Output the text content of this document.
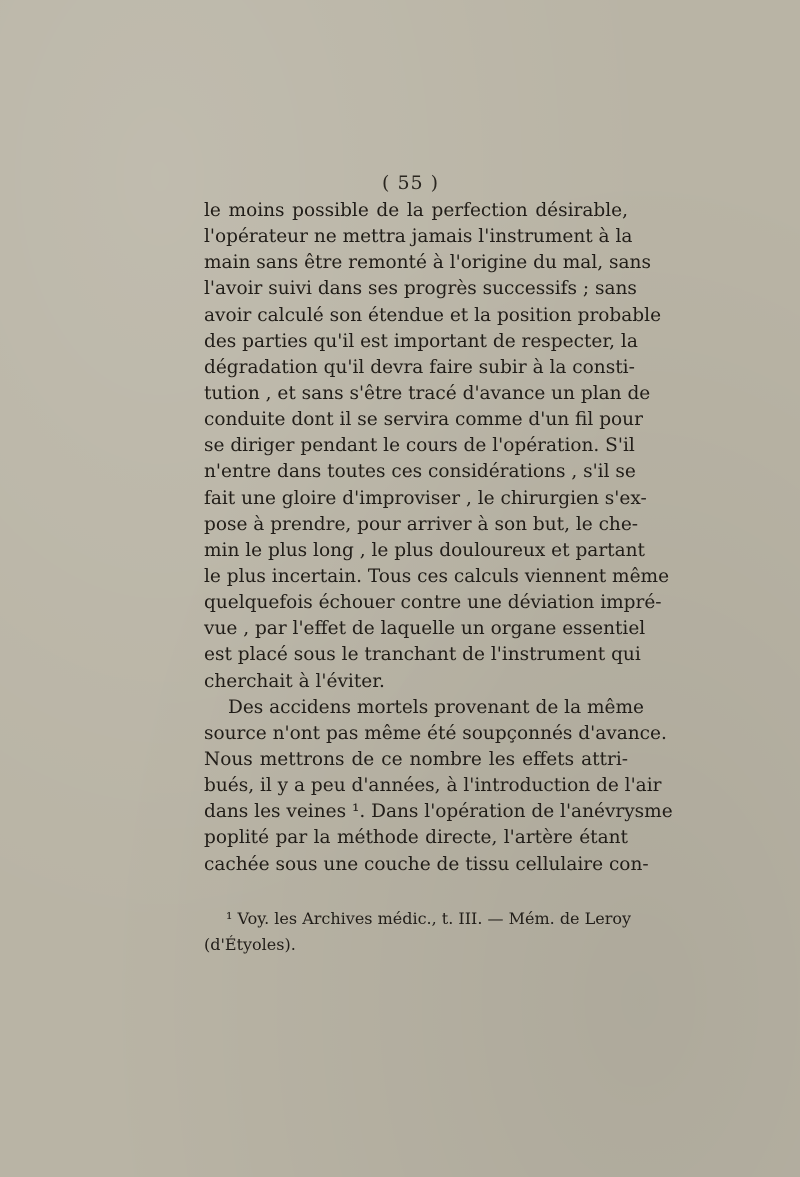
( 55 )
le moins possible de la perfection désirable,
l'opérateur ne mettra jamais l'instrument à la
main sans être remonté à l'origine du mal, sans
l'avoir suivi dans ses progrès successifs ; sans
avoir calculé son étendue et la position probable
des parties qu'il est important de respecter, la
dégradation qu'il devra faire subir à la consti-
tution , et sans s'être tracé d'avance un plan de
conduite dont il se servira comme d'un fil pour
se diriger pendant le cours de l'opération. S'il
n'entre dans toutes ces considérations , s'il se
fait une gloire d'improviser , le chirurgien s'ex-
pose à prendre, pour arriver à son but, le che-
min le plus long , le plus douloureux et partant
le plus incertain. Tous ces calculs viennent même
quelquefois échouer contre une déviation impré-
vue , par l'effet de laquelle un organe essentiel
est placé sous le tranchant de l'instrument qui
cherchait à l'éviter.
Des accidens mortels provenant de la même
source n'ont pas même été soupçonnés d'avance.
Nous mettrons de ce nombre les effets attri-
bués, il y a peu d'années, à l'introduction de l'air
dans les veines ¹. Dans l'opération de l'anévrysme
poplité par la méthode directe, l'artère étant
cachée sous une couche de tissu cellulaire con-
¹ Voy. les Archives médic., t. III. — Mém. de Leroy
(d'Étyoles).
